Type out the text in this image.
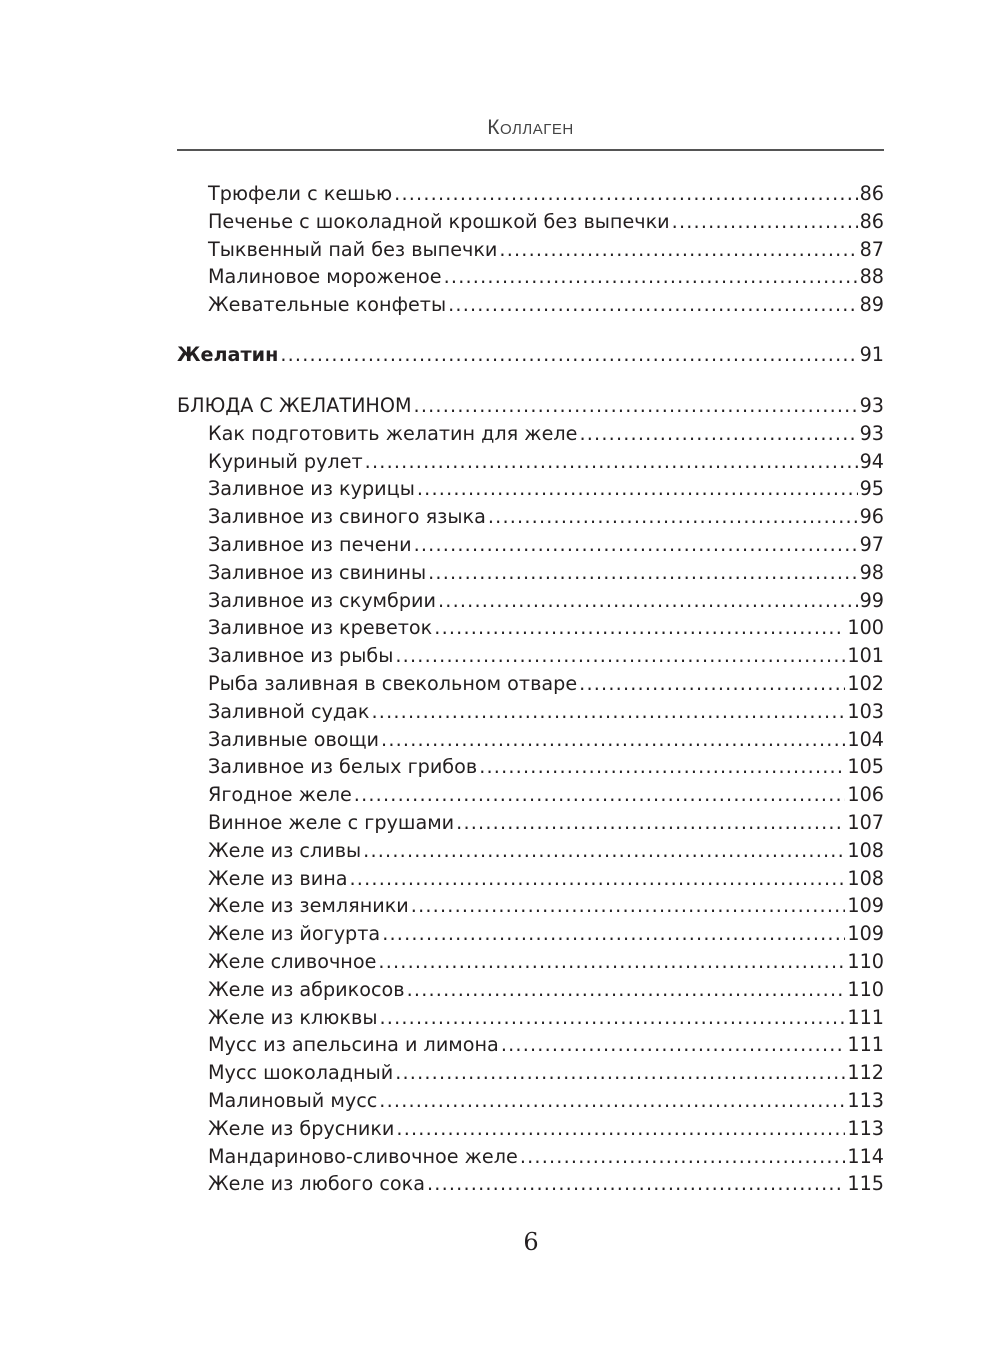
Коллаген
Трюфели с кешью .....	86
Печенье с шоколадной крошкой без выпечки .....	86
Тыквенный пай без выпечки .....	87
Малиновое мороженое .....	88
Жевательные конфеты .....	89
Желатин .....	91
БЛЮДА С ЖЕЛАТИНОМ .....	93
Как подготовить желатин для желе .....	93
Куриный рулет .....	94
Заливное из курицы .....	95
Заливное из свиного языка .....	96
Заливное из печени .....	97
Заливное из свинины .....	98
Заливное из скумбрии .....	99
Заливное из креветок .....	100
Заливное из рыбы .....	101
Рыба заливная в свекольном отваре .....	102
Заливной судак .....	103
Заливные овощи .....	104
Заливное из белых грибов .....	105
Ягодное желе .....	106
Винное желе с грушами .....	107
Желе из сливы .....	108
Желе из вина .....	108
Желе из земляники .....	109
Желе из йогурта .....	109
Желе сливочное .....	110
Желе из абрикосов .....	110
Желе из клюквы .....	111
Мусс из апельсина и лимона .....	111
Мусс шоколадный .....	112
Малиновый мусс .....	113
Желе из брусники .....	113
Мандариново-сливочное желе .....	114
Желе из любого сока .....	115
6
